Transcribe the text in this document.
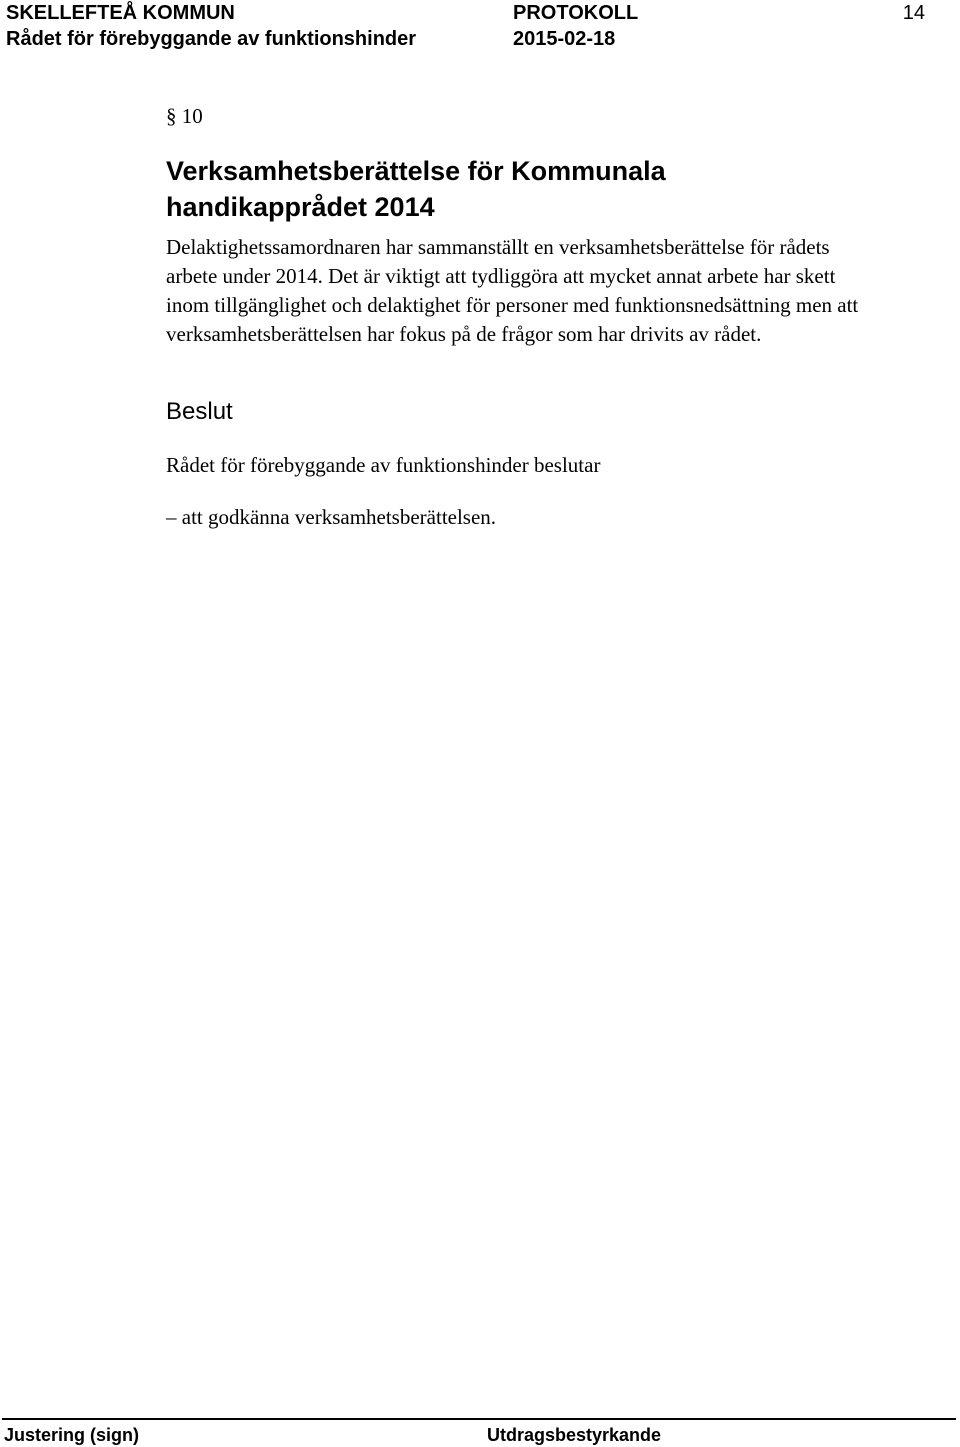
SKELLEFTEÅ KOMMUN
Rådet för förebyggande av funktionshinder
PROTOKOLL
2015-02-18
14
§ 10
Verksamhetsberättelse för Kommunala handikapprådet 2014
Delaktighetssamordnaren har sammanställt en verksamhetsberättelse för rådets arbete under 2014. Det är viktigt att tydliggöra att mycket annat arbete har skett inom tillgänglighet och delaktighet för personer med funktionsnedsättning men att verksamhetsberättelsen har fokus på de frågor som har drivits av rådet.
Beslut
Rådet för förebyggande av funktionshinder beslutar
– att godkänna verksamhetsberättelsen.
Justering (sign)	Utdragsbestyrkande
